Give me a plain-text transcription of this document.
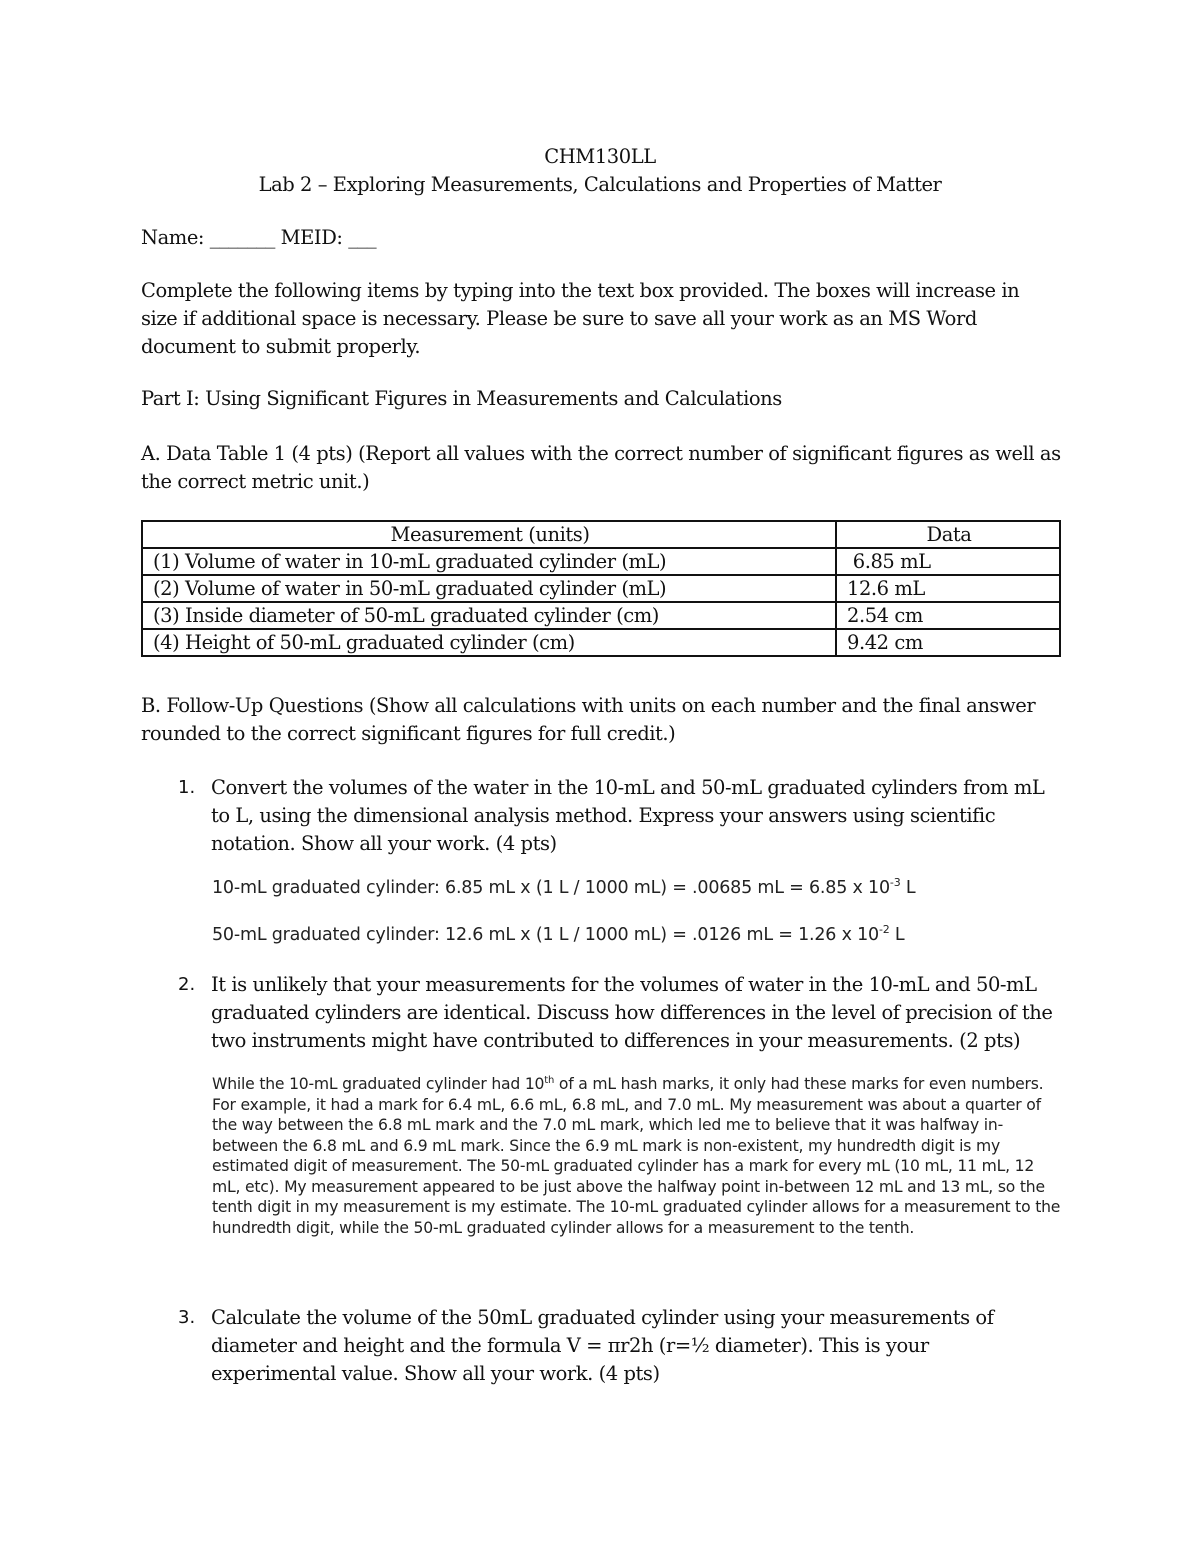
CHM130LL
Lab 2 – Exploring Measurements, Calculations and Properties of Matter
Name: _______ MEID: ___
Complete the following items by typing into the text box provided. The boxes will increase in size if additional space is necessary. Please be sure to save all your work as an MS Word document to submit properly.
Part I: Using Significant Figures in Measurements and Calculations
A. Data Table 1 (4 pts) (Report all values with the correct number of significant figures as well as the correct metric unit.)
Measurement (units)	Data
(1) Volume of water in 10-mL graduated cylinder (mL)	6.85 mL
(2) Volume of water in 50-mL graduated cylinder (mL)	12.6 mL
(3) Inside diameter of 50-mL graduated cylinder (cm)	2.54 cm
(4) Height of 50-mL graduated cylinder (cm)	9.42 cm
B. Follow-Up Questions (Show all calculations with units on each number and the final answer rounded to the correct significant figures for full credit.)
1. Convert the volumes of the water in the 10-mL and 50-mL graduated cylinders from mL to L, using the dimensional analysis method. Express your answers using scientific notation. Show all your work. (4 pts)
10-mL graduated cylinder: 6.85 mL x (1 L / 1000 mL) = .00685 mL = 6.85 x $10^{-3}$ L
50-mL graduated cylinder: 12.6 mL x (1 L / 1000 mL) = .0126 mL = 1.26 x $10^{-2}$ L
2. It is unlikely that your measurements for the volumes of water in the 10-mL and 50-mL graduated cylinders are identical. Discuss how differences in the level of precision of the two instruments might have contributed to differences in your measurements. (2 pts)
While the 10-mL graduated cylinder had 10th of a mL hash marks, it only had these marks for even numbers. For example, it had a mark for 6.4 mL, 6.6 mL, 6.8 mL, and 7.0 mL. My measurement was about a quarter of the way between the 6.8 mL mark and the 7.0 mL mark, which led me to believe that it was halfway in-between the 6.8 mL and 6.9 mL mark. Since the 6.9 mL mark is non-existent, my hundredth digit is my estimated digit of measurement. The 50-mL graduated cylinder has a mark for every mL (10 mL, 11 mL, 12 mL, etc). My measurement appeared to be just above the halfway point in-between 12 mL and 13 mL, so the tenth digit in my measurement is my estimate. The 10-mL graduated cylinder allows for a measurement to the hundredth digit, while the 50-mL graduated cylinder allows for a measurement to the tenth.
3. Calculate the volume of the 50mL graduated cylinder using your measurements of diameter and height and the formula V = πr2h (r=½ diameter). This is your experimental value. Show all your work. (4 pts)
